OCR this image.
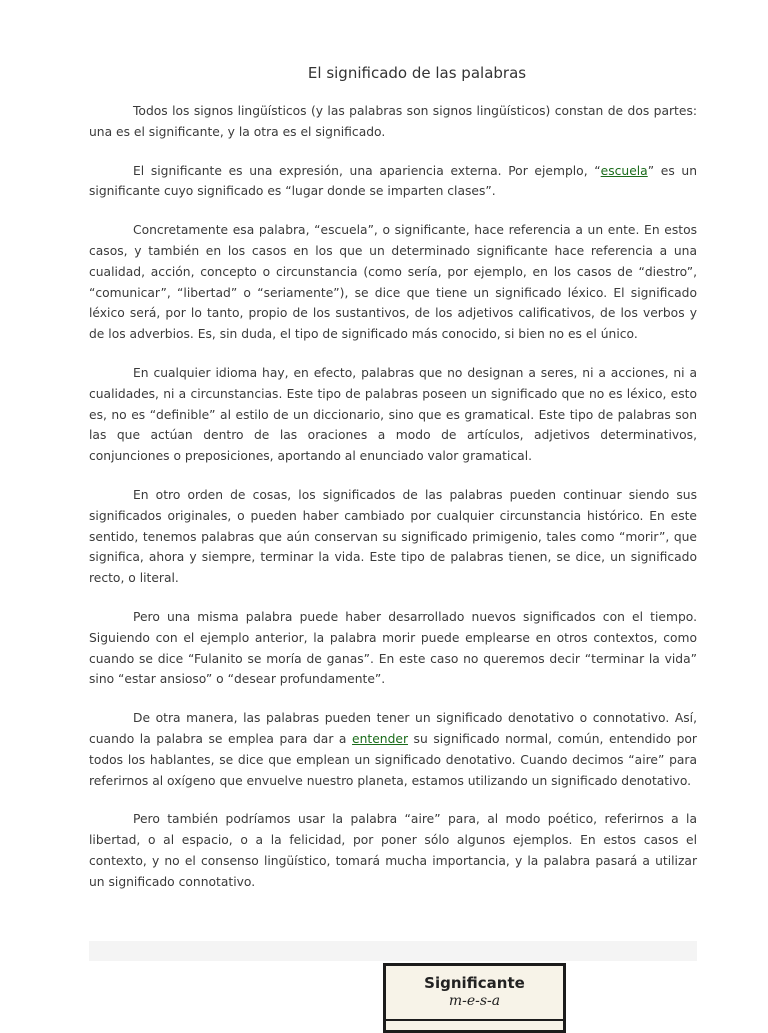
El significado de las palabras

Todos los signos lingüísticos (y las palabras son signos lingüísticos) constan de dos partes: una es el significante, y la otra es el significado.

El significante es una expresión, una apariencia externa. Por ejemplo, “escuela” es un significante cuyo significado es “lugar donde se imparten clases”.

Concretamente esa palabra, “escuela”, o significante, hace referencia a un ente. En estos casos, y también en los casos en los que un determinado significante hace referencia a una cualidad, acción, concepto o circunstancia (como sería, por ejemplo, en los casos de “diestro”, “comunicar”, “libertad” o “seriamente”), se dice que tiene un significado léxico. El significado léxico será, por lo tanto, propio de los sustantivos, de los adjetivos calificativos, de los verbos y de los adverbios. Es, sin duda, el tipo de significado más conocido, si bien no es el único.

En cualquier idioma hay, en efecto, palabras que no designan a seres, ni a acciones, ni a cualidades, ni a circunstancias. Este tipo de palabras poseen un significado que no es léxico, esto es, no es “definible” al estilo de un diccionario, sino que es gramatical. Este tipo de palabras son las que actúan dentro de las oraciones a modo de artículos, adjetivos determinativos, conjunciones o preposiciones, aportando al enunciado valor gramatical.

En otro orden de cosas, los significados de las palabras pueden continuar siendo sus significados originales, o pueden haber cambiado por cualquier circunstancia histórico. En este sentido, tenemos palabras que aún conservan su significado primigenio, tales como “morir”, que significa, ahora y siempre, terminar la vida. Este tipo de palabras tienen, se dice, un significado recto, o literal.

Pero una misma palabra puede haber desarrollado nuevos significados con el tiempo. Siguiendo con el ejemplo anterior, la palabra morir puede emplearse en otros contextos, como cuando se dice “Fulanito se moría de ganas”. En este caso no queremos decir “terminar la vida” sino “estar ansioso” o “desear profundamente”.

De otra manera, las palabras pueden tener un significado denotativo o connotativo. Así, cuando la palabra se emplea para dar a entender su significado normal, común, entendido por todos los hablantes, se dice que emplean un significado denotativo. Cuando decimos “aire” para referirnos al oxígeno que envuelve nuestro planeta, estamos utilizando un significado denotativo.

Pero también podríamos usar la palabra “aire” para, al modo poético, referirnos a la libertad, o al espacio, o a la felicidad, por poner sólo algunos ejemplos. En estos casos el contexto, y no el consenso lingüístico, tomará mucha importancia, y la palabra pasará a utilizar un significado connotativo.

Significante
m-e-s-a
